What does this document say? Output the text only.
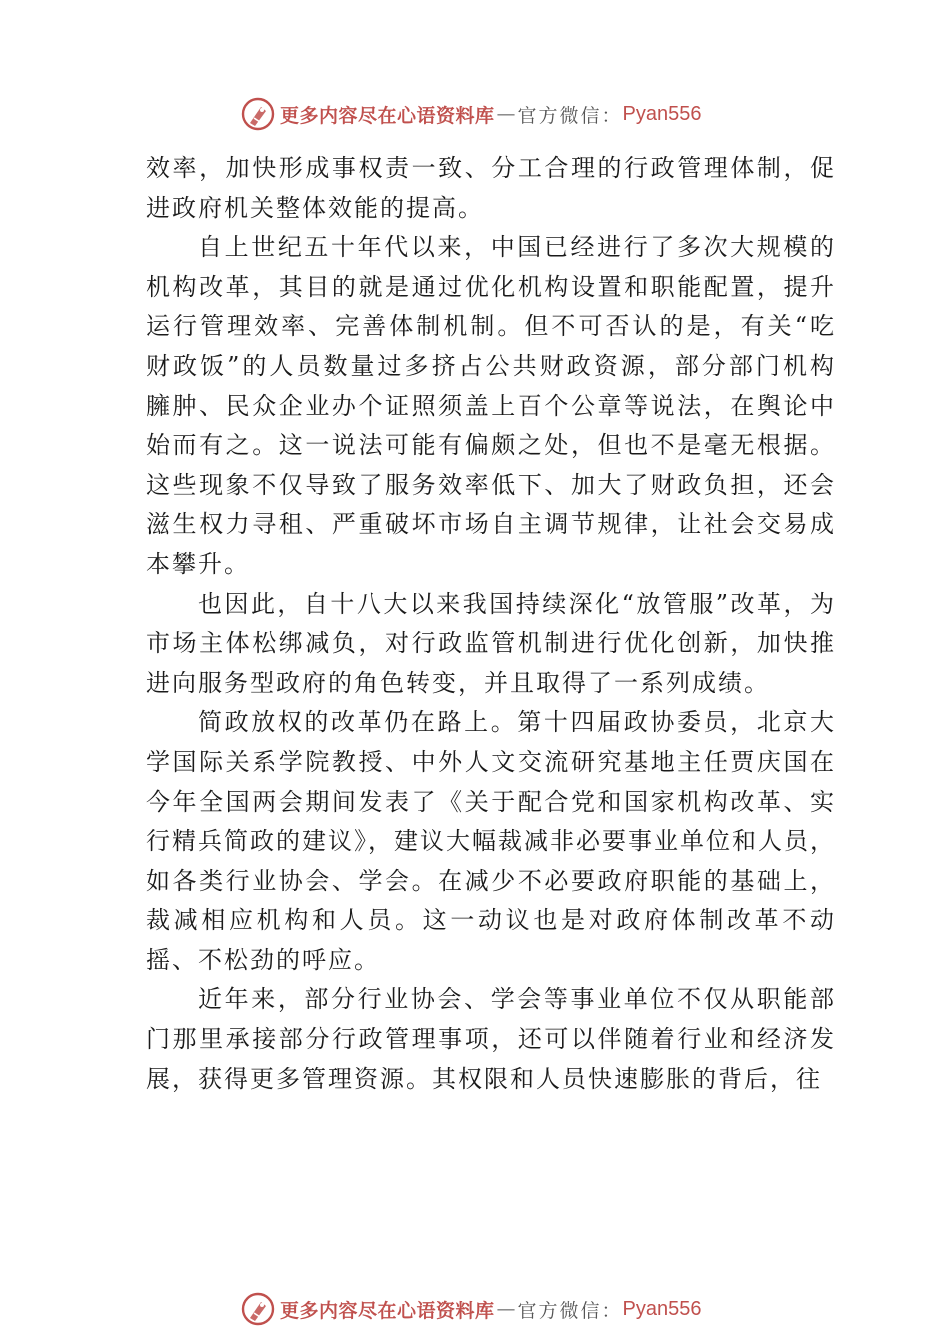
更多内容尽在心语资料库 — 官方微信： Pyan556

效率，加快形成事权责一致、分工合理的行政管理体制，促进政府机关整体效能的提高。

自上世纪五十年代以来，中国已经进行了多次大规模的机构改革，其目的就是通过优化机构设置和职能配置，提升运行管理效率、完善体制机制。但不可否认的是，有关“吃财政饭”的人员数量过多挤占公共财政资源，部分部门机构臃肿、民众企业办个证照须盖上百个公章等说法，在舆论中始而有之。这一说法可能有偏颇之处，但也不是毫无根据。 这些现象不仅导致了服务效率低下、加大了财政负担，还会滋生权力寻租、严重破坏市场自主调节规律，让社会交易成本攀升。

也因此，自十八大以来我国持续深化“放管服”改革，为市场主体松绑减负，对行政监管机制进行优化创新，加快推进向服务型政府的角色转变，并且取得了一系列成绩。

简政放权的改革仍在路上。第十四届政协委员，北京大学国际关系学院教授、中外人文交流研究基地主任贾庆国在今年全国两会期间发表了《关于配合党和国家机构改革、实行精兵简政的建议》，建议大幅裁减非必要事业单位和人员， 如各类行业协会、学会。在减少不必要政府职能的基础上， 裁减相应机构和人员。这一动议也是对政府体制改革不动摇、不松劲的呼应。

近年来，部分行业协会、学会等事业单位不仅从职能部门那里承接部分行政管理事项，还可以伴随着行业和经济发展，获得更多管理资源。其权限和人员快速膨胀的背后，往

更多内容尽在心语资料库 — 官方微信： Pyan556
